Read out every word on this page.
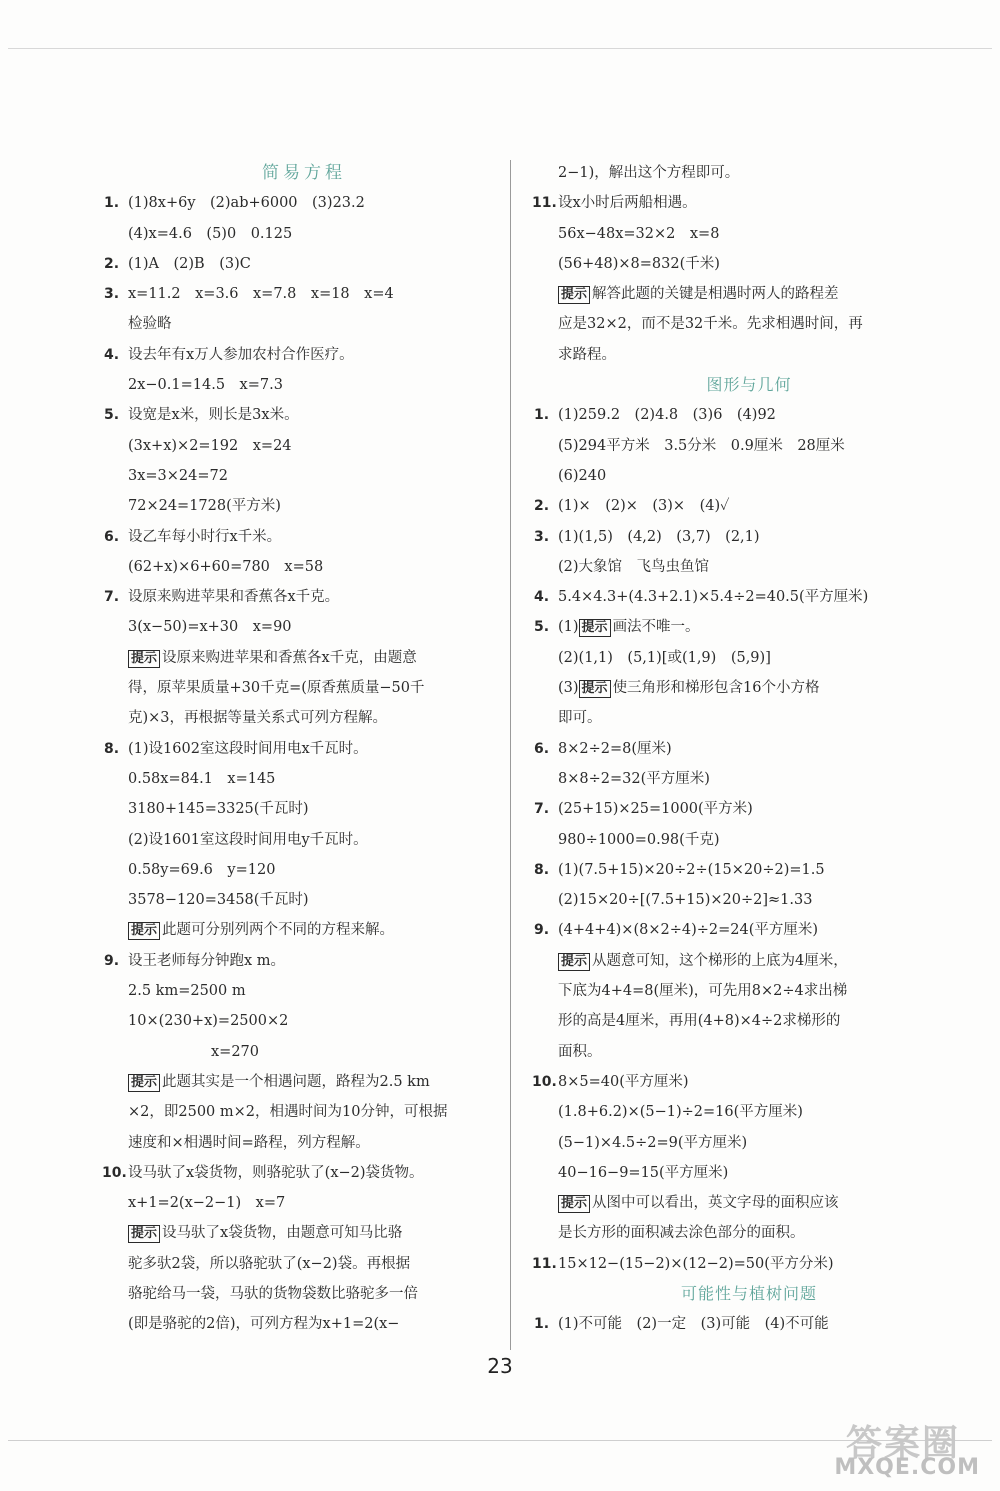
简易方程
1. (1)8x+6y　(2)ab+6000　(3)23.2
(4)x=4.6　(5)0　0.125
2. (1)A　(2)B　(3)C
3. x=11.2　x=3.6　x=7.8　x=18　x=4
检验略
4. 设去年有x万人参加农村合作医疗。
2x−0.1=14.5　x=7.3
5. 设宽是x米，则长是3x米。
(3x+x)×2=192　x=24
3x=3×24=72
72×24=1728(平方米)
6. 设乙车每小时行x千米。
(62+x)×6+60=780　x=58
7. 设原来购进苹果和香蕉各x千克。
3(x−50)=x+30　x=90
提示 设原来购进苹果和香蕉各x千克，由题意
得，原苹果质量+30千克=(原香蕉质量−50千
克)×3，再根据等量关系式可列方程解。
8. (1)设1602室这段时间用电x千瓦时。
0.58x=84.1　x=145
3180+145=3325(千瓦时)
(2)设1601室这段时间用电y千瓦时。
0.58y=69.6　y=120
3578−120=3458(千瓦时)
提示 此题可分别列两个不同的方程来解。
9. 设王老师每分钟跑x m。
2.5 km=2500 m
10×(230+x)=2500×2
x=270
提示 此题其实是一个相遇问题，路程为2.5 km
×2，即2500 m×2，相遇时间为10分钟，可根据
速度和×相遇时间=路程，列方程解。
10. 设马驮了x袋货物，则骆驼驮了(x−2)袋货物。
x+1=2(x−2−1)　x=7
提示 设马驮了x袋货物，由题意可知马比骆
驼多驮2袋，所以骆驼驮了(x−2)袋。再根据
骆驼给马一袋，马驮的货物袋数比骆驼多一倍
(即是骆驼的2倍)，可列方程为x+1=2(x−
2−1)，解出这个方程即可。
11. 设x小时后两船相遇。
56x−48x=32×2　x=8
(56+48)×8=832(千米)
提示 解答此题的关键是相遇时两人的路程差
应是32×2，而不是32千米。先求相遇时间，再
求路程。
图形与几何
1. (1)259.2　(2)4.8　(3)6　(4)92
(5)294平方米　3.5分米　0.9厘米　28厘米
(6)240
2. (1)×　(2)×　(3)×　(4)✓
3. (1)(1,5)　(4,2)　(3,7)　(2,1)
(2)大象馆　飞鸟虫鱼馆
4. 5.4×4.3+(4.3+2.1)×5.4÷2=40.5(平方厘米)
5. (1) 提示 画法不唯一。
(2)(1,1)　(5,1)[或(1,9)　(5,9)]
(3) 提示 使三角形和梯形包含16个小方格
即可。
6. 8×2÷2=8(厘米)
8×8÷2=32(平方厘米)
7. (25+15)×25=1000(平方米)
980÷1000=0.98(千克)
8. (1)(7.5+15)×20÷2÷(15×20÷2)=1.5
(2)15×20÷[(7.5+15)×20÷2]≈1.33
9. (4+4+4)×(8×2÷4)÷2=24(平方厘米)
提示 从题意可知，这个梯形的上底为4厘米，
下底为4+4=8(厘米)，可先用8×2÷4求出梯
形的高是4厘米，再用(4+8)×4÷2求梯形的
面积。
10. 8×5=40(平方厘米)
(1.8+6.2)×(5−1)÷2=16(平方厘米)
(5−1)×4.5÷2=9(平方厘米)
40−16−9=15(平方厘米)
提示 从图中可以看出，英文字母的面积应该
是长方形的面积减去涂色部分的面积。
11. 15×12−(15−2)×(12−2)=50(平方分米)
可能性与植树问题
1. (1)不可能　(2)一定　(3)可能　(4)不可能
23
答案圈
MXQE.COM
